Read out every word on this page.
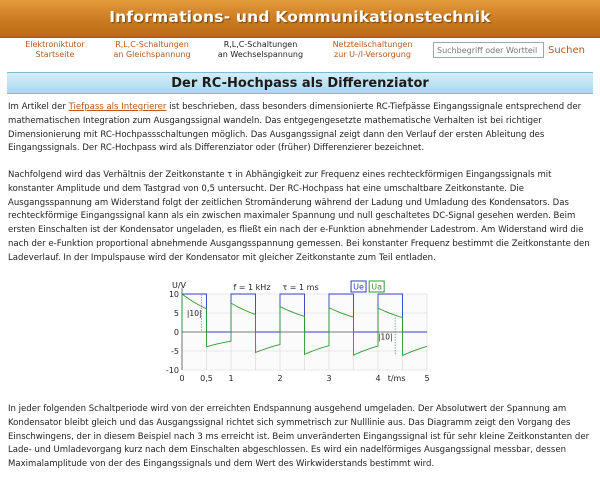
Informations- und Kommunikationstechnik
Elektroniktutor
Startseite
R,L,C-Schaltungen
an Gleichspannung
R,L,C-Schaltungen
an Wechselspannung
Netzteilschaltungen
zur U-/I-Versorgung
Suchbegriff oder Wortteil	Suchen
Der RC-Hochpass als Differenziator

Im Artikel der Tiefpass als Integrierer ist beschrieben, dass besonders dimensionierte RC-Tiefpässe Eingangssignale entsprechend der mathematischen Integration zum Ausgangssignal wandeln. Das entgegengesetzte mathematische Verhalten ist bei richtiger Dimensionierung mit RC-Hochpassschaltungen möglich. Das Ausgangssignal zeigt dann den Verlauf der ersten Ableitung des Eingangssignals. Der RC-Hochpass wird als Differenziator oder (früher) Differenzierer bezeichnet.

Nachfolgend wird das Verhältnis der Zeitkonstante τ in Abhängigkeit zur Frequenz eines rechteckförmigen Eingangssignals mit konstanter Amplitude und dem Tastgrad von 0,5 untersucht. Der RC-Hochpass hat eine umschaltbare Zeitkonstante. Die Ausgangsspannung am Widerstand folgt der zeitlichen Stromänderung während der Ladung und Umladung des Kondensators. Das rechteckförmige Eingangssignal kann als ein zwischen maximaler Spannung und null geschaltetes DC-Signal gesehen werden. Beim ersten Einschalten ist der Kondensator ungeladen, es fließt ein nach der e-Funktion abnehmender Ladestrom. Am Widerstand wird die nach der e-Funktion proportional abnehmende Ausgangsspannung gemessen. Bei konstanter Frequenz bestimmt die Zeitkonstante den Ladeverlauf. In der Impulspause wird der Kondensator mit gleicher Zeitkonstante zum Teil entladen.

10
5
0
-5
-10
0 0,5 1	2	3	4	5
U/V
t/ms
f = 1 kHz τ = 1 ms	Ue Ua
|10|
|10|

In jeder folgenden Schaltperiode wird von der erreichten Endspannung ausgehend umgeladen. Der Absolutwert der Spannung am Kondensator bleibt gleich und das Ausgangssignal richtet sich symmetrisch zur Nulllinie aus. Das Diagramm zeigt den Vorgang des Einschwingens, der in diesem Beispiel nach 3 ms erreicht ist. Beim unveränderten Eingangssignal ist für sehr kleine Zeitkonstanten der Lade- und Umladevorgang kurz nach dem Einschalten abgeschlossen. Es wird ein nadelförmiges Ausgangssignal messbar, dessen Maximalamplitude von der des Eingangssignals und dem Wert des Wirkwiderstands bestimmt wird.
